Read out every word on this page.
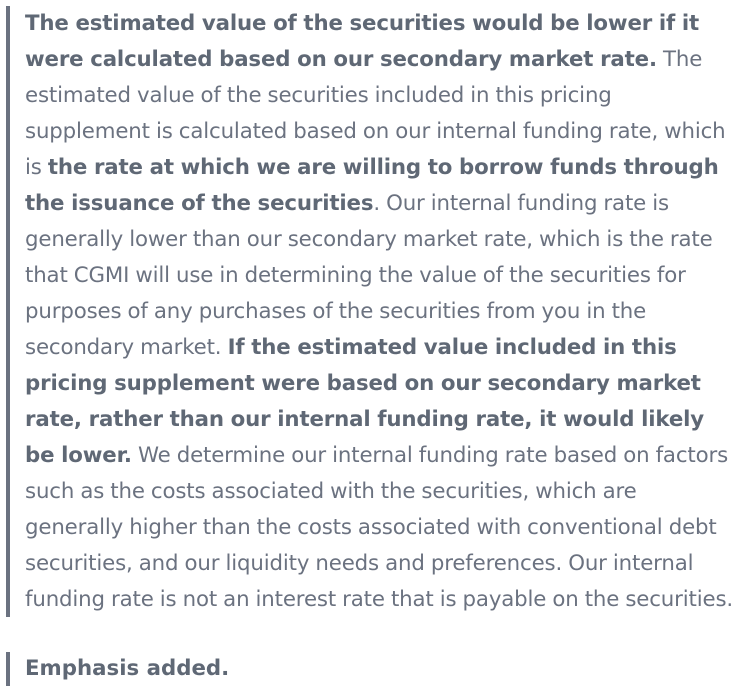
The estimated value of the securities would be lower if it were calculated based on our secondary market rate. The estimated value of the securities included in this pricing supplement is calculated based on our internal funding rate, which is the rate at which we are willing to borrow funds through the issuance of the securities. Our internal funding rate is generally lower than our secondary market rate, which is the rate that CGMI will use in determining the value of the securities for purposes of any purchases of the securities from you in the secondary market. If the estimated value included in this pricing supplement were based on our secondary market rate, rather than our internal funding rate, it would likely be lower. We determine our internal funding rate based on factors such as the costs associated with the securities, which are generally higher than the costs associated with conventional debt securities, and our liquidity needs and preferences. Our internal funding rate is not an interest rate that is payable on the securities.

Emphasis added.
